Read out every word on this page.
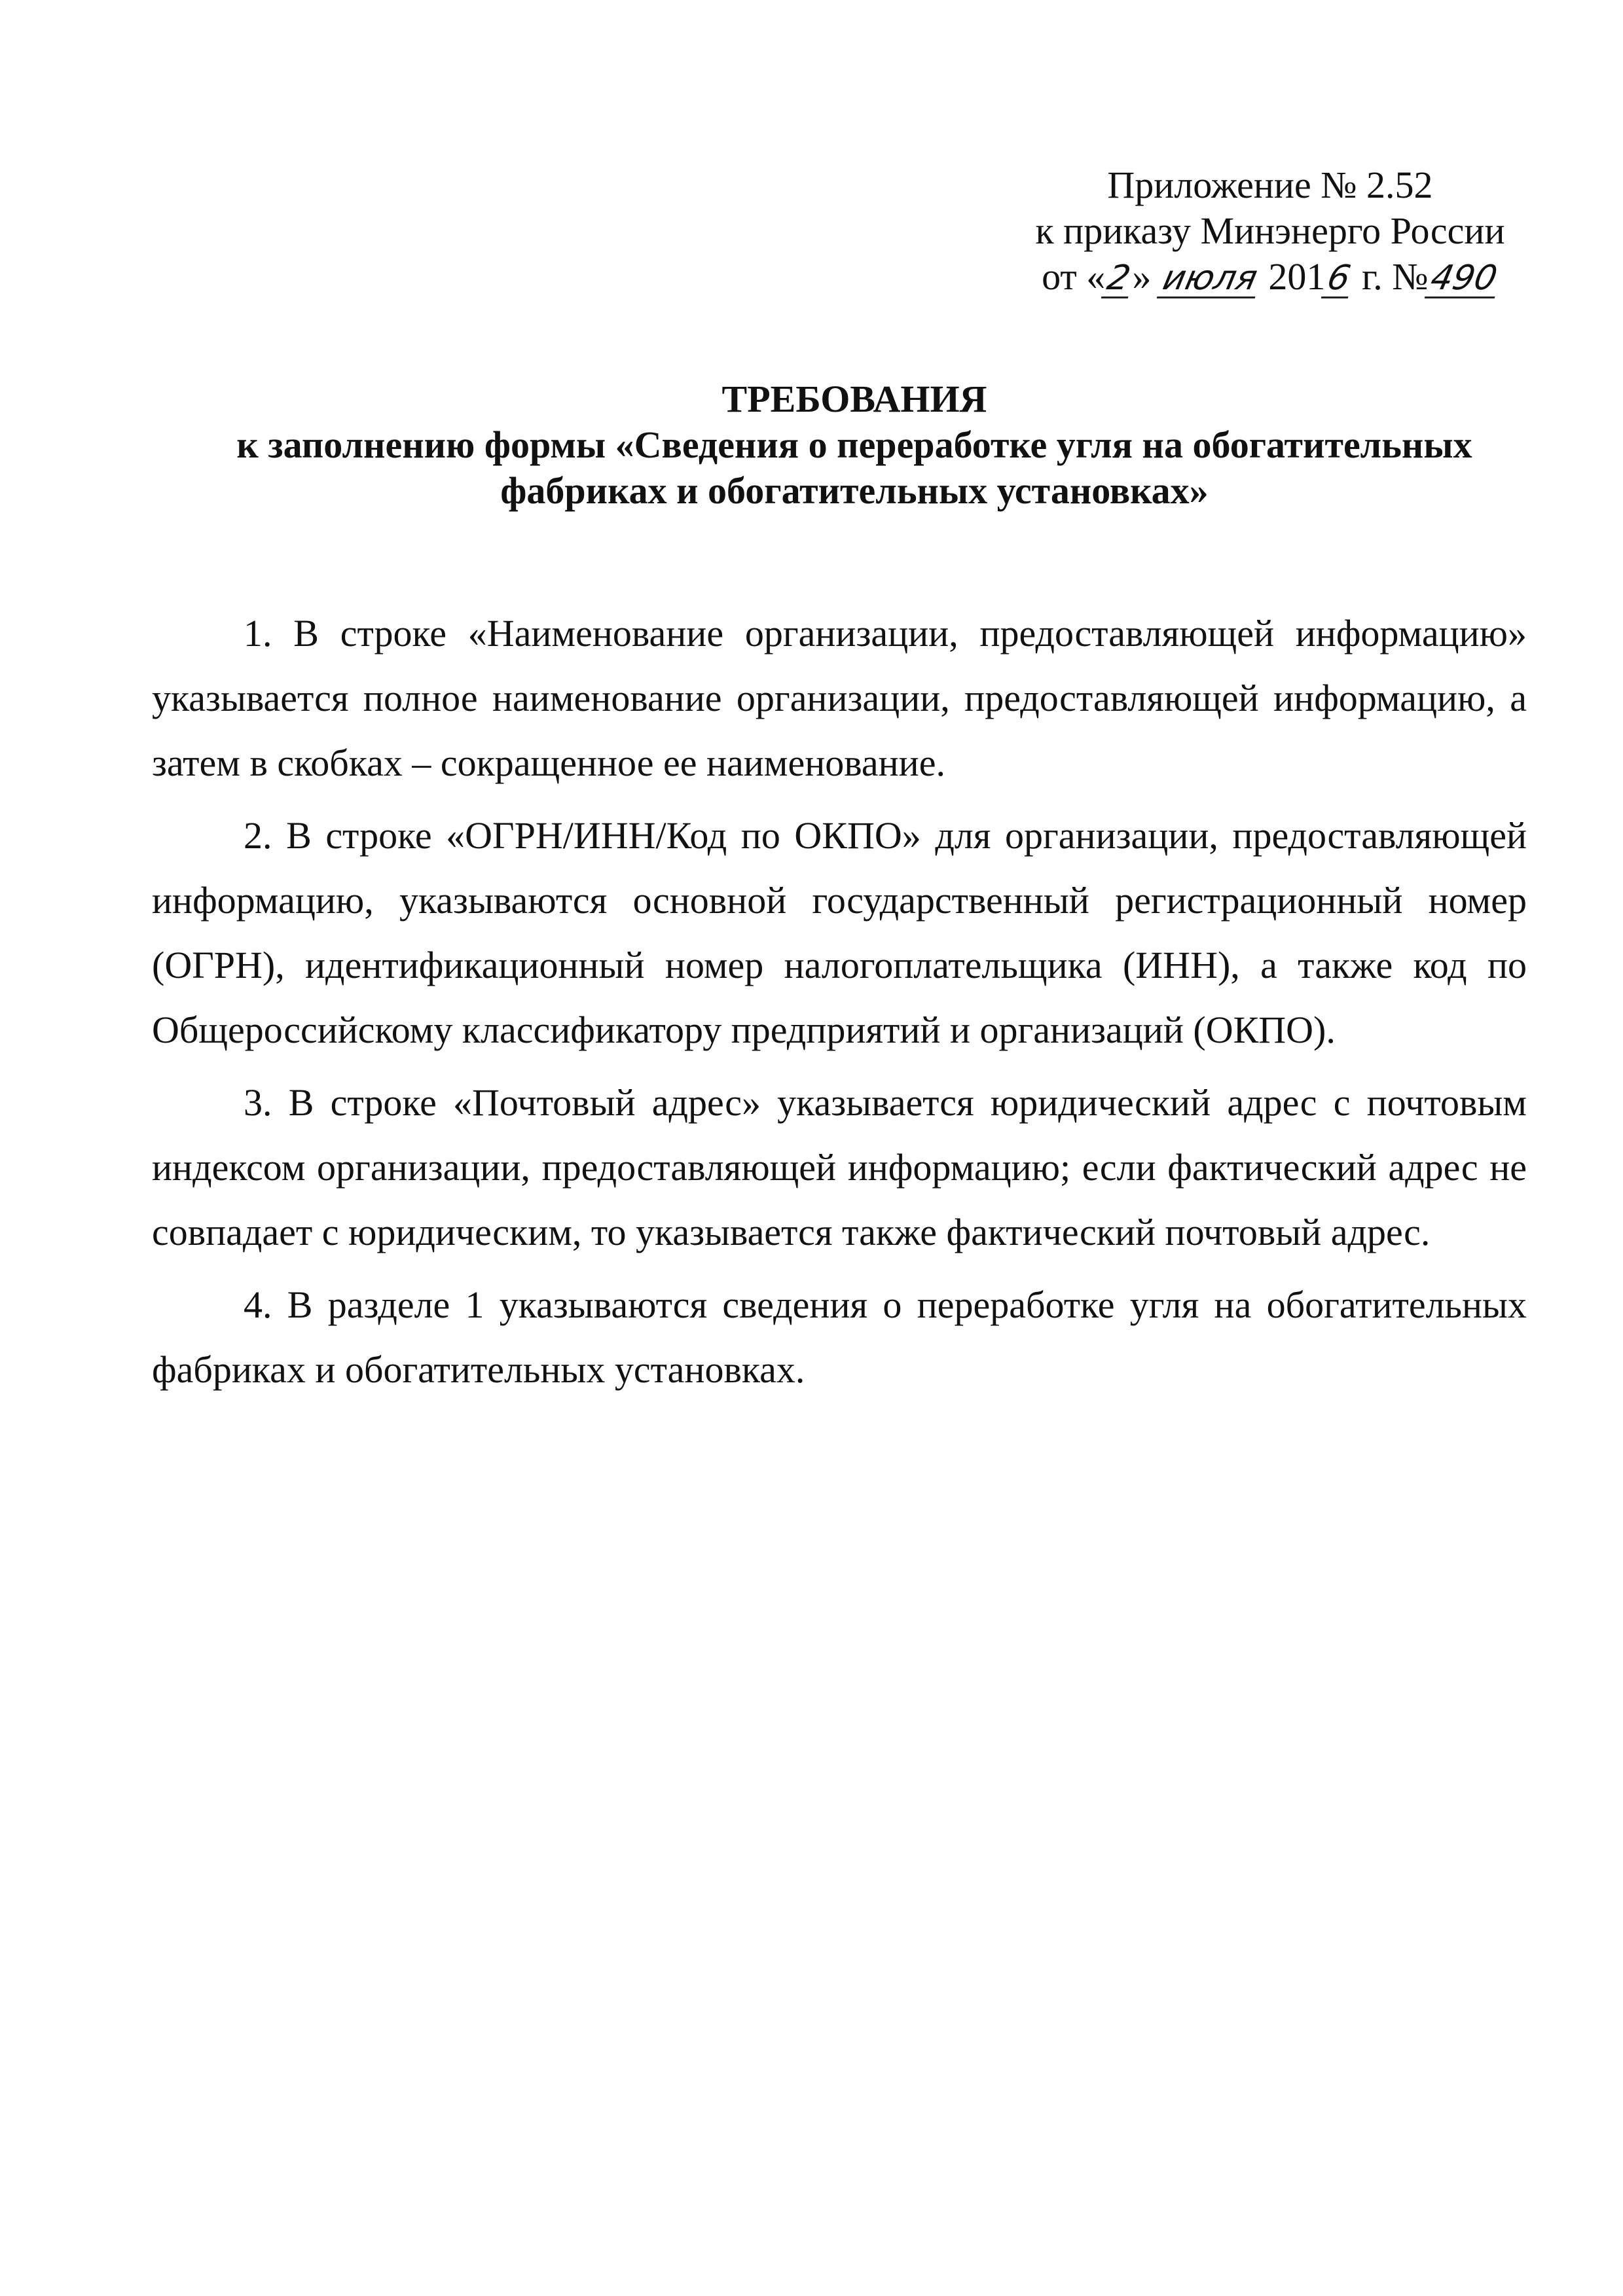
Приложение № 2.52
к приказу Минэнерго России
от «2» июля 2016 г. №490
ТРЕБОВАНИЯ
к заполнению формы «Сведения о переработке угля на обогатительных
фабриках и обогатительных установках»

1. В строке «Наименование организации, предоставляющей информацию» указывается полное наименование организации, предоставляющей информацию, а затем в скобках – сокращенное ее наименование.

2. В строке «ОГРН/ИНН/Код по ОКПО» для организации, предоставляющей информацию, указываются основной государственный регистрационный номер (ОГРН), идентификационный номер налогоплательщика (ИНН), а также код по Общероссийскому классификатору предприятий и организаций (ОКПО).

3. В строке «Почтовый адрес» указывается юридический адрес с почтовым индексом организации, предоставляющей информацию; если фактический адрес не совпадает с юридическим, то указывается также фактический почтовый адрес.

4. В разделе 1 указываются сведения о переработке угля на обогатительных фабриках и обогатительных установках.
